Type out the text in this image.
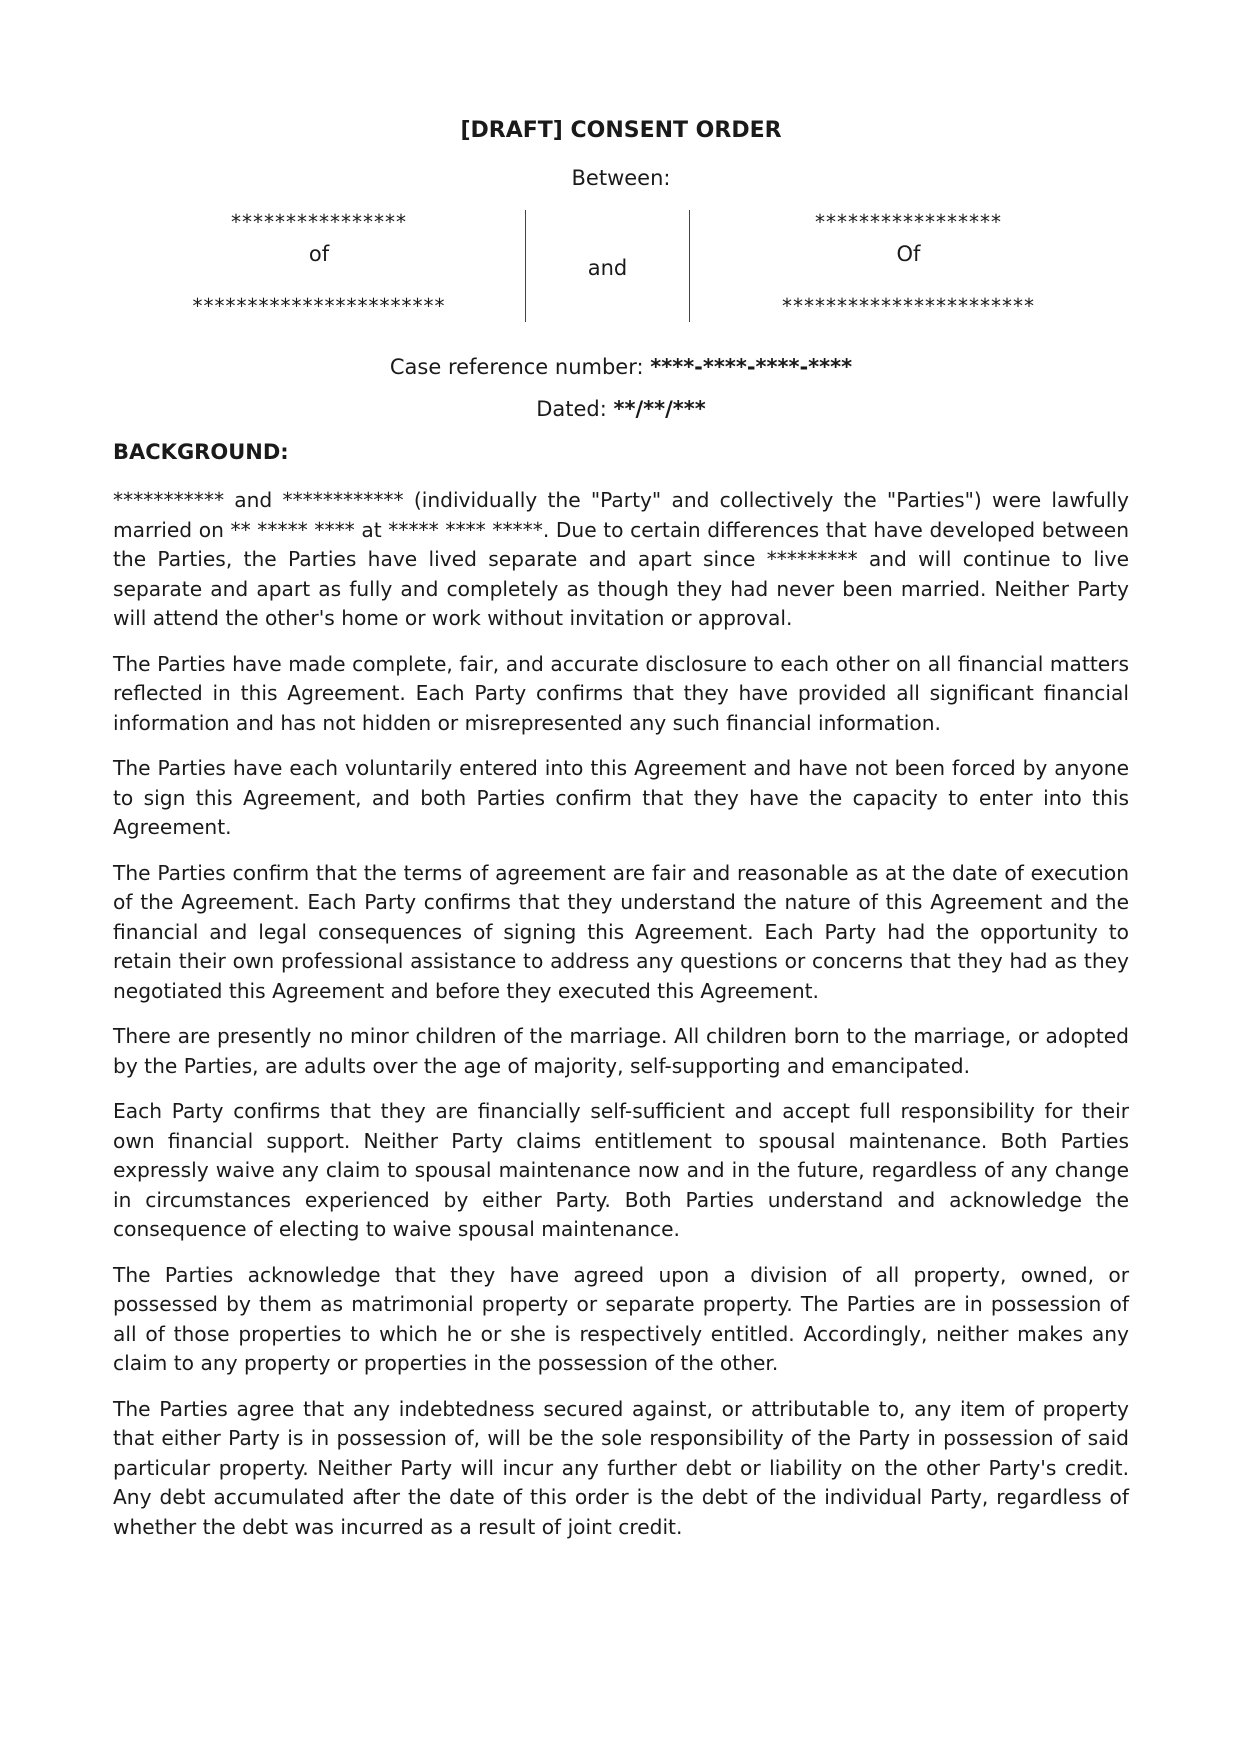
[DRAFT] CONSENT ORDER
Between:
****************
of
***********************
and
*****************
Of
***********************
Case reference number: ****-****-****-****
Dated: **/**/***
BACKGROUND:

*********** and ************ (individually the "Party" and collectively the "Parties") were lawfully married on ** ***** **** at ***** **** *****. Due to certain differences that have developed between the Parties, the Parties have lived separate and apart since ********* and will continue to live separate and apart as fully and completely as though they had never been married. Neither Party will attend the other's home or work without invitation or approval.

The Parties have made complete, fair, and accurate disclosure to each other on all financial matters reflected in this Agreement. Each Party confirms that they have provided all significant financial information and has not hidden or misrepresented any such financial information.

The Parties have each voluntarily entered into this Agreement and have not been forced by anyone to sign this Agreement, and both Parties confirm that they have the capacity to enter into this Agreement.

The Parties confirm that the terms of agreement are fair and reasonable as at the date of execution of the Agreement. Each Party confirms that they understand the nature of this Agreement and the financial and legal consequences of signing this Agreement. Each Party had the opportunity to retain their own professional assistance to address any questions or concerns that they had as they negotiated this Agreement and before they executed this Agreement.

There are presently no minor children of the marriage. All children born to the marriage, or adopted by the Parties, are adults over the age of majority, self-supporting and emancipated.

Each Party confirms that they are financially self-sufficient and accept full responsibility for their own financial support. Neither Party claims entitlement to spousal maintenance. Both Parties expressly waive any claim to spousal maintenance now and in the future, regardless of any change in circumstances experienced by either Party. Both Parties understand and acknowledge the consequence of electing to waive spousal maintenance.

The Parties acknowledge that they have agreed upon a division of all property, owned, or possessed by them as matrimonial property or separate property. The Parties are in possession of all of those properties to which he or she is respectively entitled. Accordingly, neither makes any claim to any property or properties in the possession of the other.

The Parties agree that any indebtedness secured against, or attributable to, any item of property that either Party is in possession of, will be the sole responsibility of the Party in possession of said particular property. Neither Party will incur any further debt or liability on the other Party's credit. Any debt accumulated after the date of this order is the debt of the individual Party, regardless of whether the debt was incurred as a result of joint credit.
